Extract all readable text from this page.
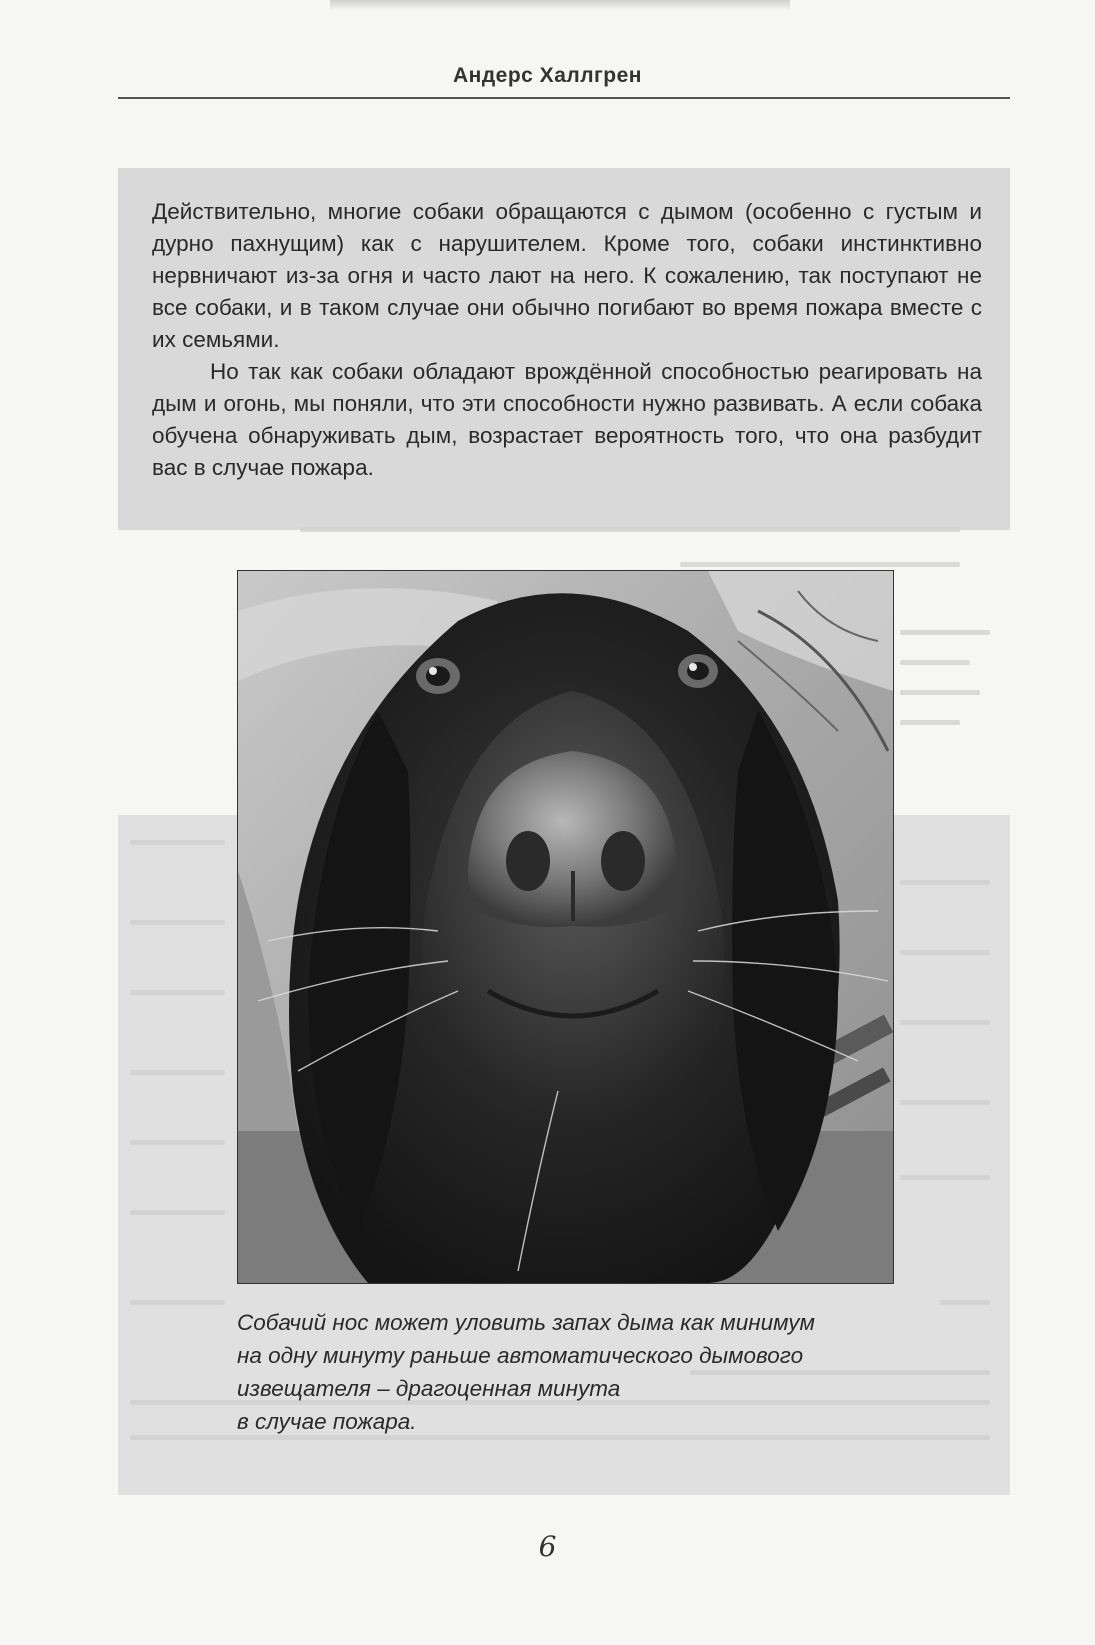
Андерс Халлгрен

Действительно, многие собаки обращаются с дымом (особенно с густым и дурно пахнущим) как с нарушителем. Кроме того, собаки инстинктивно нервничают из-за огня и часто лают на него. К сожалению, так поступают не все собаки, и в таком случае они обычно погибают во время пожара вместе с их семьями.

Но так как собаки обладают врождённой способностью реагировать на дым и огонь, мы поняли, что эти способности нужно развивать. А если собака обучена обнаруживать дым, возрастает вероятность того, что она разбудит вас в случае пожара.

Собачий нос может уловить запах дыма как минимум
на одну минуту раньше автоматического дымового
извещателя – драгоценная минута
в случае пожара.
6
